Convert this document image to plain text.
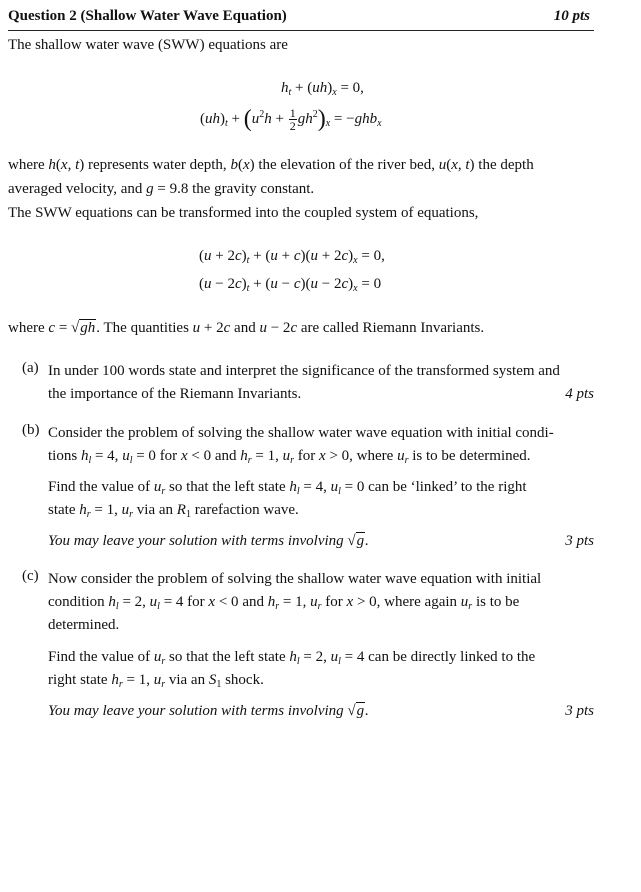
Question 2 (Shallow Water Wave Equation)	10 pts
The shallow water wave (SWW) equations are
$h_t + (uh)_x = 0$,
$(uh)_t + (u^2h + \frac{1}{2} gh^2)_x = -ghb_x$
where h(x, t) represents water depth, b(x) the elevation of the river bed, u(x, t) the depth
averaged velocity, and g = 9.8 the gravity constant.
The SWW equations can be transformed into the coupled system of equations,
$(u + 2c)_t + (u + c)(u + 2c)_x = 0$,
$(u - 2c)_t + (u - c)(u - 2c)_x = 0$
where c = √gh. The quantities u + 2c and u − 2c are called Riemann Invariants.
(a) In under 100 words state and interpret the significance of the transformed system and
the importance of the Riemann Invariants.	4 pts
(b) Consider the problem of solving the shallow water wave equation with initial condi-
tions $h_l = 4$, $u_l = 0$ for x < 0 and $h_r = 1$, $u_r$ for x > 0, where $u_r$ is to be determined.
Find the value of $u_r$ so that the left state $h_l = 4$, $u_l = 0$ can be ‘linked’ to the right
state $h_r = 1$, $u_r$ via an $R_1$ rarefaction wave.
You may leave your solution with terms involving √g.	3 pts
(c) Now consider the problem of solving the shallow water wave equation with initial
condition $h_l = 2$, $u_l = 4$ for x < 0 and $h_r = 1$, $u_r$ for x > 0, where again $u_r$ is to be
determined.
Find the value of $u_r$ so that the left state $h_l = 2$, $u_l = 4$ can be directly linked to the
right state $h_r = 1$, $u_r$ via an $S_1$ shock.
You may leave your solution with terms involving √g.	3 pts
